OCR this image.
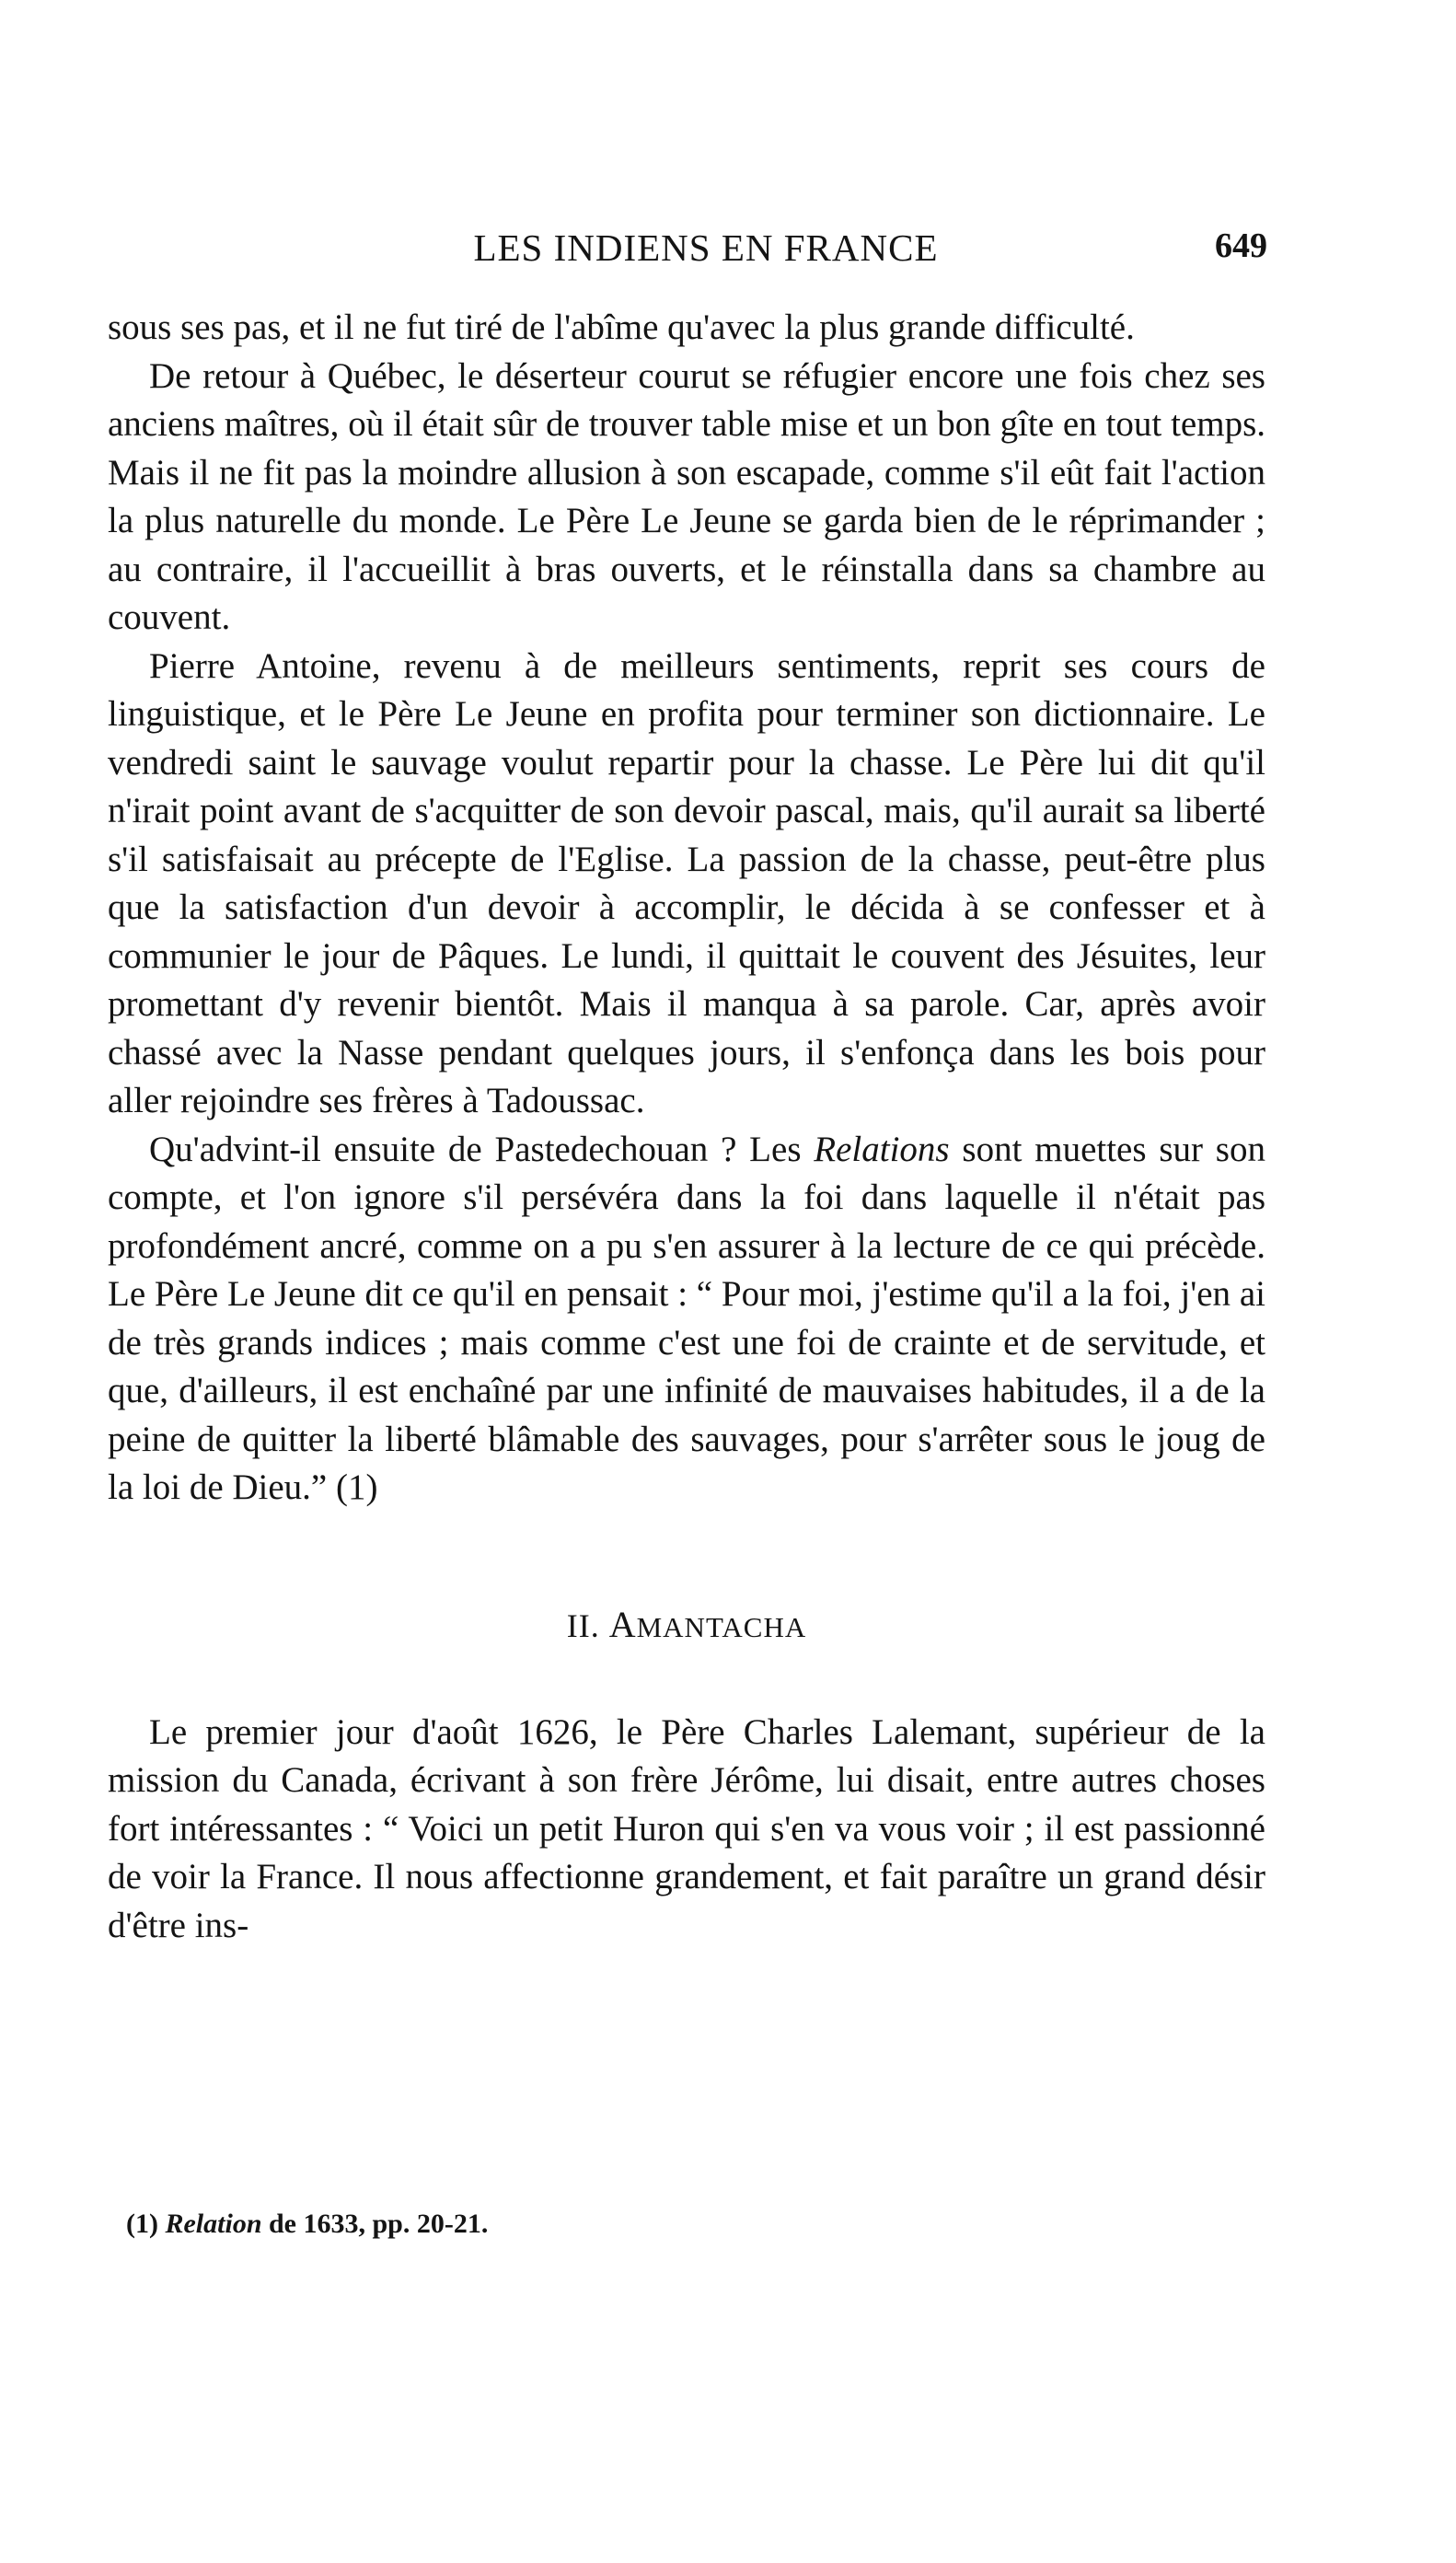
LES INDIENS EN FRANCE	649

sous ses pas, et il ne fut tiré de l'abîme qu'avec la plus grande difficulté.

De retour à Québec, le déserteur courut se réfugier encore une fois chez ses anciens maîtres, où il était sûr de trouver table mise et un bon gîte en tout temps. Mais il ne fit pas la moindre allusion à son escapade, comme s'il eût fait l'action la plus naturelle du monde. Le Père Le Jeune se garda bien de le réprimander ; au contraire, il l'accueillit à bras ouverts, et le réinstalla dans sa chambre au couvent.

Pierre Antoine, revenu à de meilleurs sentiments, reprit ses cours de linguistique, et le Père Le Jeune en profita pour terminer son dictionnaire. Le vendredi saint le sauvage voulut repartir pour la chasse. Le Père lui dit qu'il n'irait point avant de s'acquitter de son devoir pascal, mais, qu'il aurait sa liberté s'il satisfaisait au précepte de l'Eglise. La passion de la chasse, peut-être plus que la satisfaction d'un devoir à accomplir, le décida à se confesser et à communier le jour de Pâques. Le lundi, il quittait le couvent des Jésuites, leur promettant d'y revenir bientôt. Mais il manqua à sa parole. Car, après avoir chassé avec la Nasse pendant quelques jours, il s'enfonça dans les bois pour aller rejoindre ses frères à Tadoussac.

Qu'advint-il ensuite de Pastedechouan ? Les Relations sont muettes sur son compte, et l'on ignore s'il persévéra dans la foi dans laquelle il n'était pas profondément ancré, comme on a pu s'en assurer à la lecture de ce qui précède. Le Père Le Jeune dit ce qu'il en pensait : “ Pour moi, j'estime qu'il a la foi, j'en ai de très grands indices ; mais comme c'est une foi de crainte et de servitude, et que, d'ailleurs, il est enchaîné par une infinité de mauvaises habitudes, il a de la peine de quitter la liberté blâmable des sauvages, pour s'arrêter sous le joug de la loi de Dieu.” (1)

II. AMANTACHA

Le premier jour d'août 1626, le Père Charles Lalemant, supérieur de la mission du Canada, écrivant à son frère Jérôme, lui disait, entre autres choses fort intéressantes : “ Voici un petit Huron qui s'en va vous voir ; il est passionné de voir la France. Il nous affectionne grandement, et fait paraître un grand désir d'être ins-

(1) Relation de 1633, pp. 20-21.
